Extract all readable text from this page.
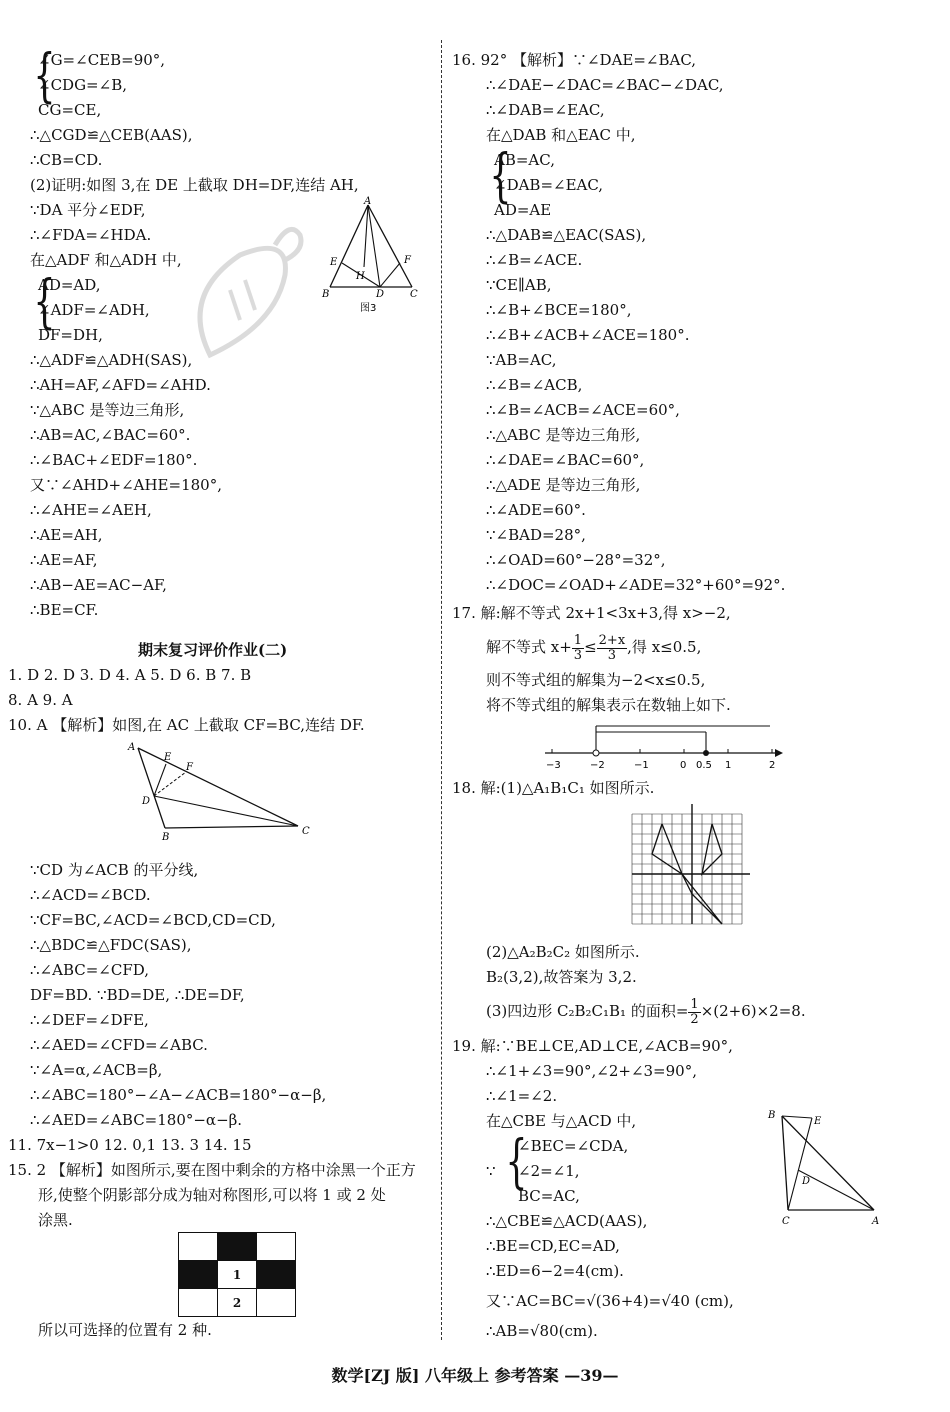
{
∠G=∠CEB=90°,
∠CDG=∠B,
CG=CE,
∴△CGD≌△CEB(AAS),
∴CB=CD.
(2)证明:如图 3,在 DE 上截取 DH=DF,连结 AH,
∵DA 平分∠EDF,
∴∠FDA=∠HDA.
在△ADF 和△ADH 中,
{
AD=AD,
∠ADF=∠ADH,
DF=DH,
∴△ADF≌△ADH(SAS),
∴AH=AF,∠AFD=∠AHD.
∵△ABC 是等边三角形,
∴AB=AC,∠BAC=60°.
∴∠BAC+∠EDF=180°.
又∵∠AHD+∠AHE=180°,
∴∠AHE=∠AEH,
∴AE=AH,
∴AE=AF,
∴AB−AE=AC−AF,
∴BE=CF.
A
E
H
F
B	D	C
图3
期末复习评价作业(二)
1. D 2. D 3. D 4. A 5. D 6. B 7. B
8. A 9. A
10. A 【解析】如图,在 AC 上截取 CF=BC,连结 DF.
A
E
F
D
B
C
∵CD 为∠ACB 的平分线,
∴∠ACD=∠BCD.
∵CF=BC,∠ACD=∠BCD,CD=CD,
∴△BDC≌△FDC(SAS),
∴∠ABC=∠CFD,
DF=BD. ∵BD=DE, ∴DE=DF,
∴∠DEF=∠DFE,
∴∠AED=∠CFD=∠ABC.
∵∠A=α,∠ACB=β,
∴∠ABC=180°−∠A−∠ACB=180°−α−β,
∴∠AED=∠ABC=180°−α−β.
11. 7x−1>0 12. 0,1 13. 3 14. 15
15. 2 【解析】如图所示,要在图中剩余的方格中涂黑一个正方
形,使整个阴影部分成为轴对称图形,可以将 1 或 2 处
涂黑.
所以可选择的位置有 2 种.

	1	
	2	
16. 92° 【解析】∵∠DAE=∠BAC,
∴∠DAE−∠DAC=∠BAC−∠DAC,
∴∠DAB=∠EAC,
在△DAB 和△EAC 中,
{
AB=AC,
∠DAB=∠EAC,
AD=AE
∴△DAB≌△EAC(SAS),
∴∠B=∠ACE.
∵CE∥AB,
∴∠B+∠BCE=180°,
∴∠B+∠ACB+∠ACE=180°.
∵AB=AC,
∴∠B=∠ACB,
∴∠B=∠ACB=∠ACE=60°,
∴△ABC 是等边三角形,
∴∠DAE=∠BAC=60°,
∴△ADE 是等边三角形,
∴∠ADE=60°.
∵∠BAD=28°,
∴∠OAD=60°−28°=32°,
∴∠DOC=∠OAD+∠ADE=32°+60°=92°.
17. 解:解不等式 2x+1<3x+3,得 x>−2,
解不等式 $x+ \frac{1}{3} \le \frac{2+x}{3}$ ,得 x≤0.5,
则不等式组的解集为−2<x≤0.5,
将不等式组的解集表示在数轴上如下.
−3	−2	−1	0 0.5 1	2
18. 解:(1)△A₁B₁C₁ 如图所示.
(2)△A₂B₂C₂ 如图所示.
B₂(3,2),故答案为 3,2.
(3)四边形 C₂B₂C₁B₁ 的面积= $\frac{1}{2} \times(2+6)\times 2=8$.
19. 解:∵BE⊥CE,AD⊥CE,∠ACB=90°,
∴∠1+∠3=90°,∠2+∠3=90°,
∴∠1=∠2.
在△CBE 与△ACD 中,
∵ {
∠BEC=∠CDA,
∠2=∠1,
BC=AC,
∴△CBE≌△ACD(AAS),
∴BE=CD,EC=AD,
∴ED=6−2=4(cm).
又∵AC=BC=√(36+4)=√40 (cm),
∴AB=√80(cm).
B
E
D
C	A
数学[ZJ 版] 八年级上 参考答案 —39—
